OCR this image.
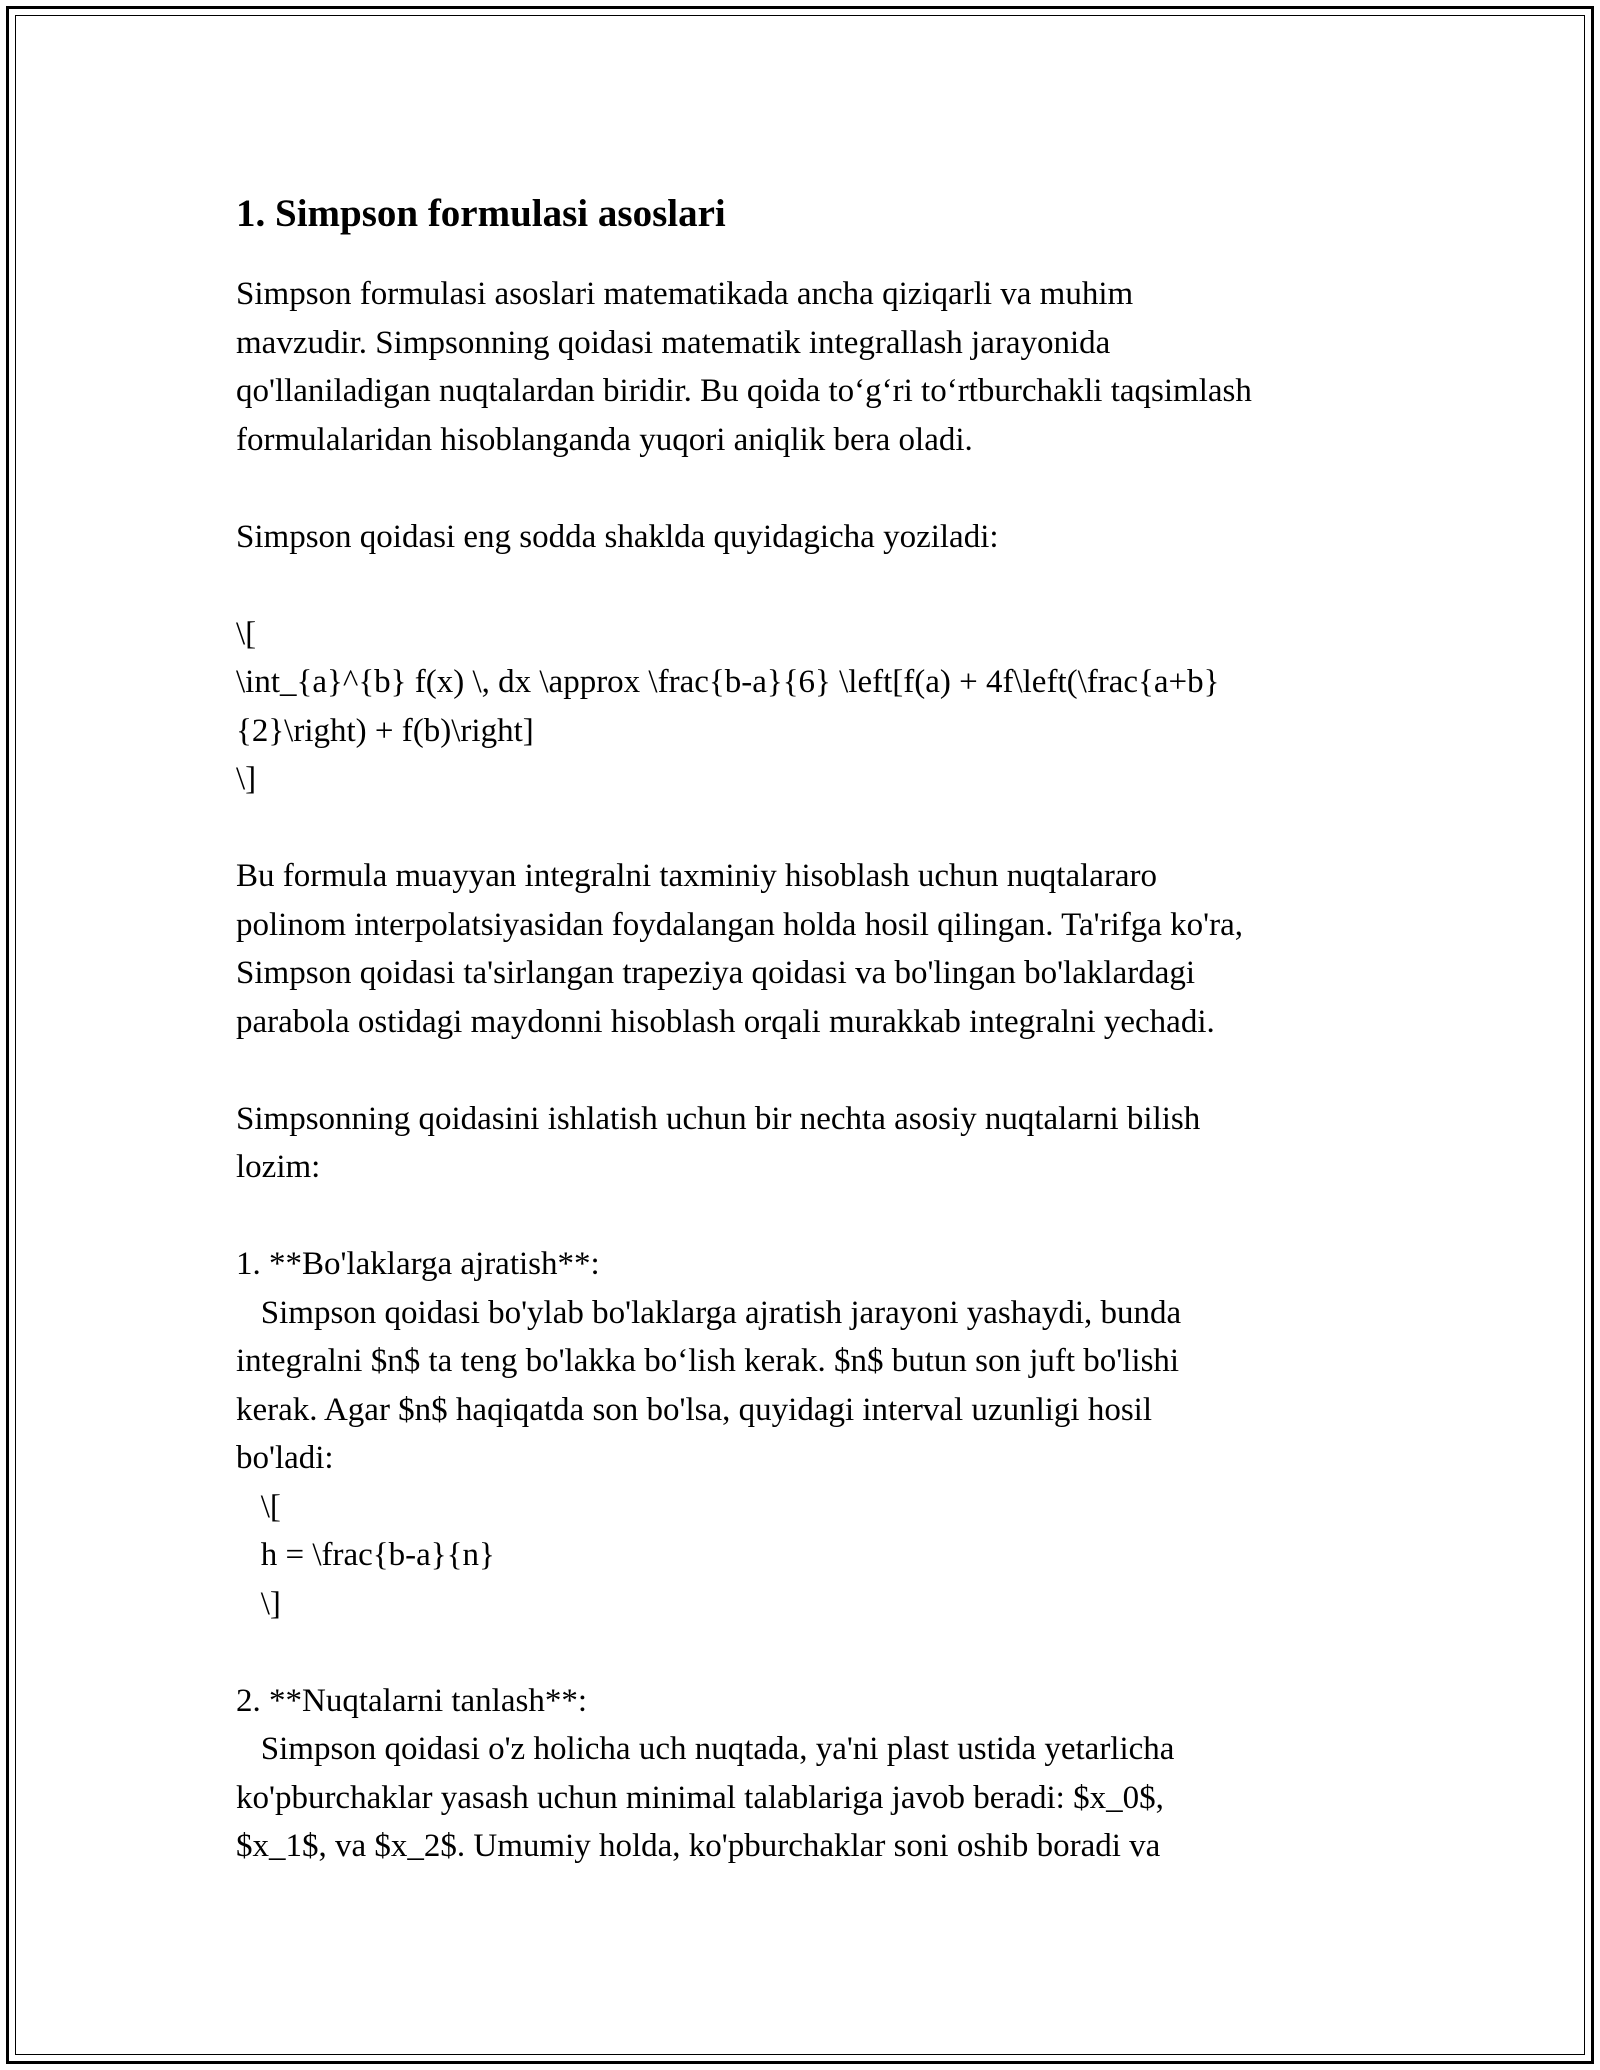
1. Simpson formulasi asoslari
Simpson formulasi asoslari matematikada ancha qiziqarli va muhim
mavzudir. Simpsonning qoidasi matematik integrallash jarayonida
qo'llaniladigan nuqtalardan biridir. Bu qoida to‘g‘ri to‘rtburchakli taqsimlash
formulalaridan hisoblanganda yuqori aniqlik bera oladi.
Simpson qoidasi eng sodda shaklda quyidagicha yoziladi:
\[
\int_{a}^{b} f(x) \, dx \approx \frac{b-a}{6} \left[f(a) + 4f\left(\frac{a+b}
{2}\right) + f(b)\right]
\]
Bu formula muayyan integralni taxminiy hisoblash uchun nuqtalararo
polinom interpolatsiyasidan foydalangan holda hosil qilingan. Ta'rifga ko'ra,
Simpson qoidasi ta'sirlangan trapeziya qoidasi va bo'lingan bo'laklardagi
parabola ostidagi maydonni hisoblash orqali murakkab integralni yechadi.
Simpsonning qoidasini ishlatish uchun bir nechta asosiy nuqtalarni bilish
lozim:
1. **Bo'laklarga ajratish**:
Simpson qoidasi bo'ylab bo'laklarga ajratish jarayoni yashaydi, bunda
integralni $n$ ta teng bo'lakka bo‘lish kerak. $n$ butun son juft bo'lishi
kerak. Agar $n$ haqiqatda son bo'lsa, quyidagi interval uzunligi hosil
bo'ladi:
\[
h = \frac{b-a}{n}
\]
2. **Nuqtalarni tanlash**:
Simpson qoidasi o'z holicha uch nuqtada, ya'ni plast ustida yetarlicha
ko'pburchaklar yasash uchun minimal talablariga javob beradi: $x_0$,
$x_1$, va $x_2$. Umumiy holda, ko'pburchaklar soni oshib boradi va
